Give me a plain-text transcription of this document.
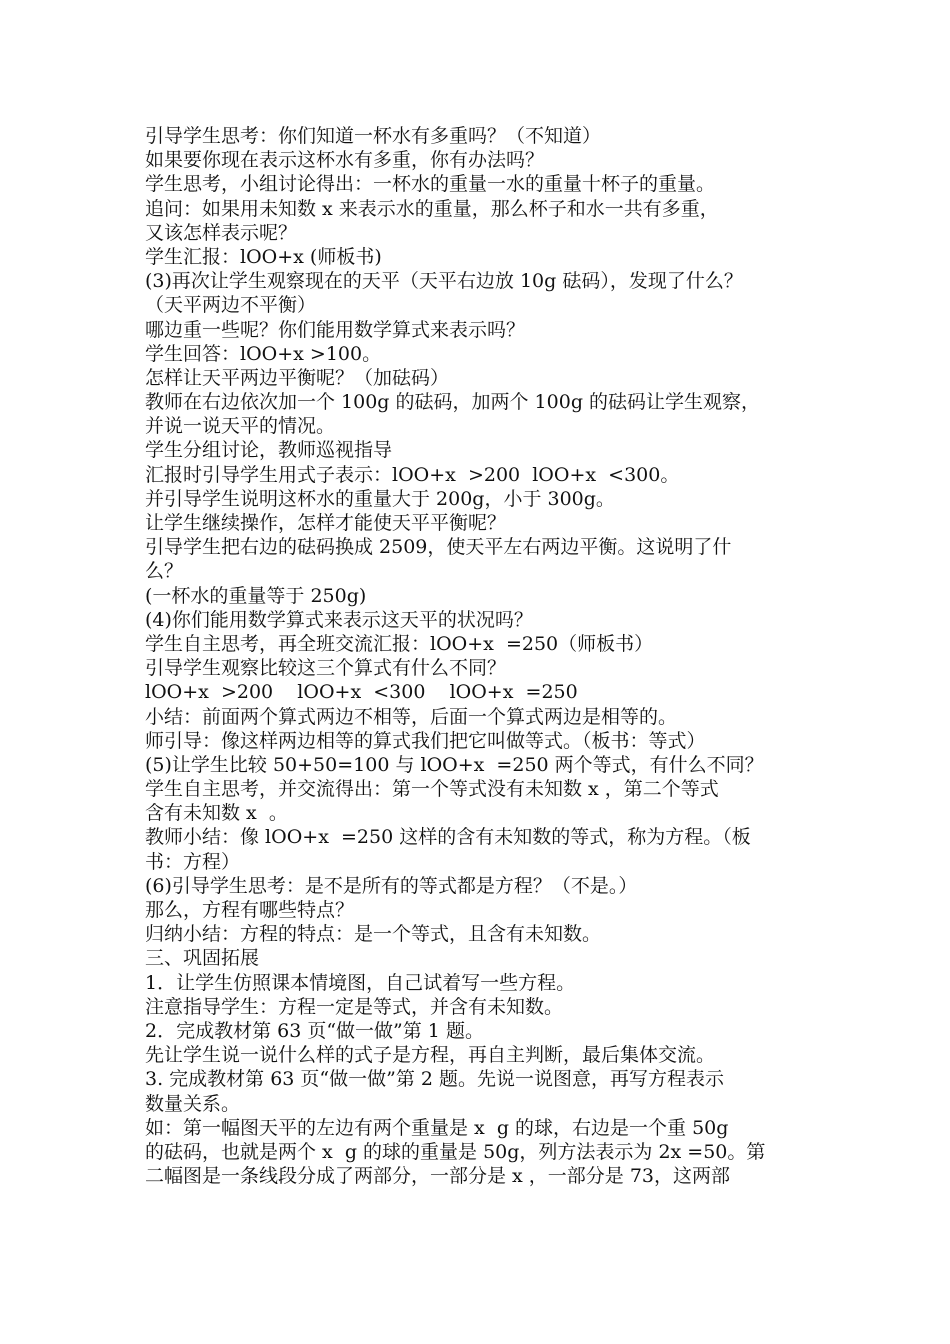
引导学生思考：你们知道一杯水有多重吗？（不知道）
如果要你现在表示这杯水有多重，你有办法吗？
学生思考，小组讨论得出：一杯水的重量一水的重量十杯子的重量。
追问：如果用未知数 x 来表示水的重量，那么杯子和水一共有多重，
又该怎样表示呢？
学生汇报：lOO+x (师板书)
(3)再次让学生观察现在的天平（天平右边放 10g 砝码），发现了什么？
（天平两边不平衡）
哪边重一些呢？你们能用数学算式来表示吗？
学生回答：lOO+x >100。
怎样让天平两边平衡呢？（加砝码）
教师在右边依次加一个 100g 的砝码，加两个 100g 的砝码让学生观察，
并说一说天平的情况。
学生分组讨论，教师巡视指导
汇报时引导学生用式子表示：lOO+x  >200  lOO+x  <300。
并引导学生说明这杯水的重量大于 200g，小于 300g。
让学生继续操作，怎样才能使天平平衡呢？
引导学生把右边的砝码换成 2509，使天平左右两边平衡。这说明了什
么？
(一杯水的重量等于 250g)
(4)你们能用数学算式来表示这天平的状况吗？
学生自主思考，再全班交流汇报：lOO+x  =250（师板书）
引导学生观察比较这三个算式有什么不同？
lOO+x  >200    lOO+x  <300    lOO+x  =250
小结：前面两个算式两边不相等，后面一个算式两边是相等的。
师引导：像这样两边相等的算式我们把它叫做等式。（板书：等式）
(5)让学生比较 50+50=100 与 lOO+x  =250 两个等式，有什么不同？
学生自主思考，并交流得出：第一个等式没有未知数 x ，第二个等式
含有未知数 x  。
教师小结：像 lOO+x  =250 这样的含有未知数的等式，称为方程。（板
书：方程）
(6)引导学生思考：是不是所有的等式都是方程？（不是。）
那么，方程有哪些特点？
归纳小结：方程的特点：是一个等式，且含有未知数。
三、巩固拓展
1．让学生仿照课本情境图，自己试着写一些方程。
注意指导学生：方程一定是等式，并含有未知数。
2．完成教材第 63 页“做一做”第 1 题。
先让学生说一说什么样的式子是方程，再自主判断，最后集体交流。
3. 完成教材第 63 页“做一做”第 2 题。先说一说图意，再写方程表示
数量关系。
如：第一幅图天平的左边有两个重量是 x  g 的球，右边是一个重 50g
的砝码，也就是两个 x  g 的球的重量是 50g，列方法表示为 2x =50。第
二幅图是一条线段分成了两部分，一部分是 x ，一部分是 73，这两部
